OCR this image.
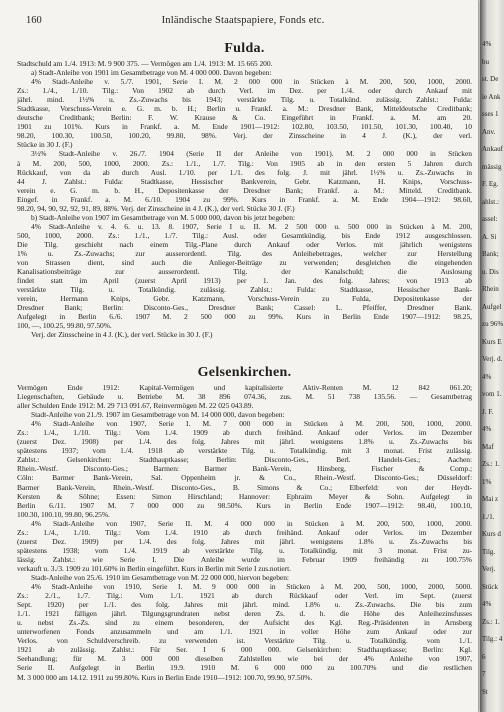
Inländische Staatspapiere, Fonds etc.
160
Fulda.
Stadtschuld am 1./4. 1913: M. 9 900 375. — Vermögen am 1./4. 1913: M. 15 665 200.
a) Stadt-Anleihe von 1901 im Gesamtbetrage von M. 4 000 000. Davon begeben:
4% Stadt-Anleihe v. 5./7. 1901, Serie I. M. 2 000 000 in Stücken à M. 200, 500, 1000, 2000.
Zs.: 1./4., 1./10. Tilg.: Von 1902 ab durch Verl. im Dez. per 1./4. oder durch Ankauf mit
jährl. mind. 1½% u. Zs.-Zuwachs bis 1943; verstärkte Tilg. u. Totalkünd. zulässig. Zahlst.: Fulda:
Stadtkasse, Vorschuss-Verein e. G. m. b. H.; Berlin u. Frankf. a. M.: Dresdner Bank, Mitteldeutsche Creditbank;
deutsche Creditbank; Berlin: F. W. Krause & Co. Eingeführt in Frankf. a. M. am 20.
1901 zu 101%. Kurs in Frankf. a. M. Ende 1901—1912: 102.80, 103.50, 101.50, 101.30, 100.40, 10
98.20, 100.30, 100.50, 100.20, 99.80, 98%. Verj. der Zinsscheine in 4 J. (K.), der verl.
Stücke in 30 J. (F.)
3½% Stadt-Anleihe v. 26./7. 1904 (Serie II der Anleihe von 1901). M. 2 000 000 in Stücken
à M. 200, 500, 1000, 2000. Zs.: 1./1., 1./7. Tilg.: Von 1905 ab in den ersten 5 Jahren durch
Rückkauf, von da ab durch Ausl. 1./10. per 1./1. des folg. J. mit jährl. 1½% u. Zs.-Zuwachs in
44 J. Zahlst.: Fulda: Stadtkasse, Hessischer Bankverein, Gebr. Katzmann, H. Knips, Vorschuss-
verein e. G. m. b. H., Depositenkasse der Dresdner Bank; Frankf. a. M.: Mitteld. Creditbank.
Eingef. in Frankf. a. M. 6./10. 1904 zu 99%. Kurs in Frankf. a. M. Ende 1904—1912: 98.60,
98.20, 94, 90, 92, 92, 91, 89, 88%. Verj. der Zinsscheine in 4 J. (K.), der verl. Stücke 30 J. (F.)
b) Stadt-Anleihe von 1907 im Gesamtbetrage von M. 5 000 000, davon bis jetzt begeben:
4% Stadt-Anleihe v. 4. 6. u. 13. 8. 1907, Serie I u. II. M. 2 500 000 u. 500 000 in Stücken à M. 200,
500, 1000, 2000. Zs.: 1./1., 1./7. Tilg.: Ausl. oder Gesamtkündig. bis Ende 1912 ausgeschlossen.
Die Tilg. geschieht nach einem Tilg.-Plane durch Ankauf oder Verlos. mit jährlich wenigstens
1% u. Zs.-Zuwachs; zur ausserordentl. Tilg. des Anleihebetrages, welcher zur Herstellung
von Strassen dient, sind auch die Anlieger-Beiträge zu verwenden; desgleichen die eingehenden
Kanalisationsbeiträge zur ausserordentl. Tilg. der Kanalschuld; die Auslosung
findet statt im April (zuerst April 1913) per 1. Jan. des folg. Jahres; von 1913 ab
verstärkte Tilg. u. Totalkündig. zulässig. Zahlst.: Fulda: Stadtkasse, Hessischer Bank-
verein, Hermann Knips, Gebr. Katzmann, Vorschuss-Verein zu Fulda, Depositenkasse der
Dresdner Bank; Berlin: Disconto-Ges., Dresdner Bank; Cassel: L. Pfeiffer, Dresdner Bank.
Aufgelegt in Berlin 6./6. 1907 M. 2 500 000 zu 99%. Kurs in Berlin Ende 1907—1912: 98.25,
100, —, 100.25, 99.80, 97.50%.
Verj. der Zinsscheine in 4 J. (K.), der verl. Stücke in 30 J. (F.)
Gelsenkirchen.
Vermögen Ende 1912: Kapital-Vermögen und kapitalisierte Aktiv-Renten M. 12 842 061.20;
Liegenschaften, Gebäude u. Betriebe M. 38 896 074.36, zus. M. 51 738 135.56. — Gesamtbetrag
aller Schulden Ende 1912: M. 29 713 091.67, Reinvermögen M. 22 025 043.89.
Stadt-Anleihe von 21./9. 1907 im Gesamtbetrage von M. 14 000 000, davon begeben:
4% Stadt-Anleihe von 1907, Serie I. M. 7 000 000 in Stücken à M. 200, 500, 1000, 2000.
Zs.: 1./4., 1./10. Tilg.: Vom 1./4. 1909 ab durch freihänd. Ankauf oder Verlos. im Dezember
(zuerst Dez. 1908) per 1./4. des folg. Jahres mit jährl. wenigstens 1.8% u. Zs.-Zuwachs bis
spätestens 1937; vom 1./4. 1918 ab verstärkte Tilg. u. Totalkündig. mit 3 monat. Frist zulässig.
Zahlst.: Gelsenkirchen: Stadthauptkasse; Berlin: Disconto-Ges., Berl. Handels-Ges.; Aachen:
Rhein.-Westf. Disconto-Ges.; Barmen: Barmer Bank-Verein, Hinsberg, Fischer & Comp.;
Cöln: Barmer Bank-Verein, Sal. Oppenheim jr. & Co., Rhein.-Westf. Disconto-Ges.; Düsseldorf:
Barmer Bank-Verein, Rhein.-Westf. Disconto-Ges., B. Simons & Co.; Elberfeld: von der Heydt-
Kersten & Söhne; Essen: Simon Hirschland; Hannover: Ephraim Meyer & Sohn. Aufgelegt in
Berlin 6./11. 1907 M. 7 000 000 zu 98.50%. Kurs in Berlin Ende 1907—1912: 98.40, 100.10,
100.30, 100.10, 99.80, 96.25%.
4% Stadt-Anleihe von 1907, Serie II. M. 4 000 000 in Stücken à M. 200, 500, 1000, 2000.
Zs.: 1./4., 1./10. Tilg.: Vom 1./4. 1910 ab durch freihänd. Ankauf oder Verlos. im Dezember
(zuerst Dez. 1909) per 1./4. des folg. Jahres mit jährl. wenigstens 1.8% u. Zs.-Zuwachs bis
spätestens 1938; vom 1./4. 1919 ab verstärkte Tilg. u. Totalkündig. mit 3 monat. Frist zu-
lässig. Zahlst.: wie Serie I. Die Anleihe wurde im Februar 1909 freihändig zu 100.75%
verkauft u. 3./3. 1909 zu 101.60% in Berlin eingeführt. Kurs in Berlin mit Serie I zus.notiert.
Stadt-Anleihe von 25./6. 1910 im Gesamtbetrage von M. 22 000 000, hiervon begeben:
4% Stadt-Anleihe von 1910, Serie I. M. 9 000 000 in Stücken à M. 200, 500, 1000, 2000, 5000.
Zs.: 2./1., 1./7. Tilg.: Vom 1./1. 1921 ab durch Rückkauf oder Verl. im Sept. (zuerst
Sept. 1920) per 1./1. des folg. Jahres mit jährl. mind. 1.8% u. Zs.-Zuwachs. Die bis zum
1./1. 1921 fälligen jährl. Tilgungsgrundraten nebst deren Zs. d. h. die Höhe des Anleihezinsfusses
u. nebst Zs.-Zs. sind zu einem besonderen, der Aufsicht des Kgl. Reg.-Präsidenten in Arnsberg
unterworfenen Fonds anzusammeln und am 1./1. 1921 in voller Höhe zum Ankauf oder zur
Verlos. von Schuldverschreib. zu verwenden ist. Verstärkte Tilg. u. Totalkündig. vom 1./1.
1921 ab zulässig. Zahlst.: Für Ser. I 6 000 000. Gelsenkirchen: Stadthauptkasse; Berlin: Kgl.
Seehandlung; für M. 3 000 000 dieselben Zahlstellen wie bei der 4% Anleihe von 1907,
Serie II. Aufgelegt in Berlin 19.9. 1910 M. 6 000 000 zu 100.70% und die restlichen
M. 3 000 000 am 14.12. 1911 zu 99.80%. Kurs in Berlin Ende 1910—1912: 100.70, 99.90, 97.50%.
4%
bu
st. De
ie Ank
sses 1
Anv.
Ankauf
mässig
F. Eg.
ahlst.:
assel:
A. Si
Bank;
u. Dis
Rhein
Aufgel
zu 96%
Kurs E
Verj. d.
4%
vom 1.
J. F.
4%
Maf
Zs.: 1.
1%
Mai z
1./1.
Kurs d
Tilg.
Verj.
Stück
4%
Zs.: 1.
Tilg.: 4
6
7
St
